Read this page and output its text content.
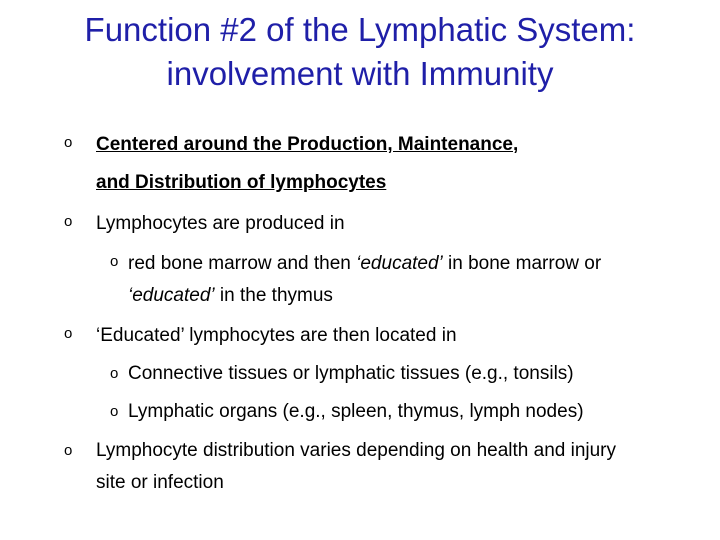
Function #2 of the Lymphatic System:
involvement with Immunity
o Centered around the Production, Maintenance,
and Distribution of lymphocytes
o Lymphocytes are produced in
o red bone marrow and then ‘educated’ in bone marrow or
‘educated’ in the thymus
o ‘Educated’ lymphocytes are then located in
o Connective tissues or lymphatic tissues (e.g., tonsils)
o Lymphatic organs (e.g., spleen, thymus, lymph nodes)
o Lymphocyte distribution varies depending on health and injury
site or infection
